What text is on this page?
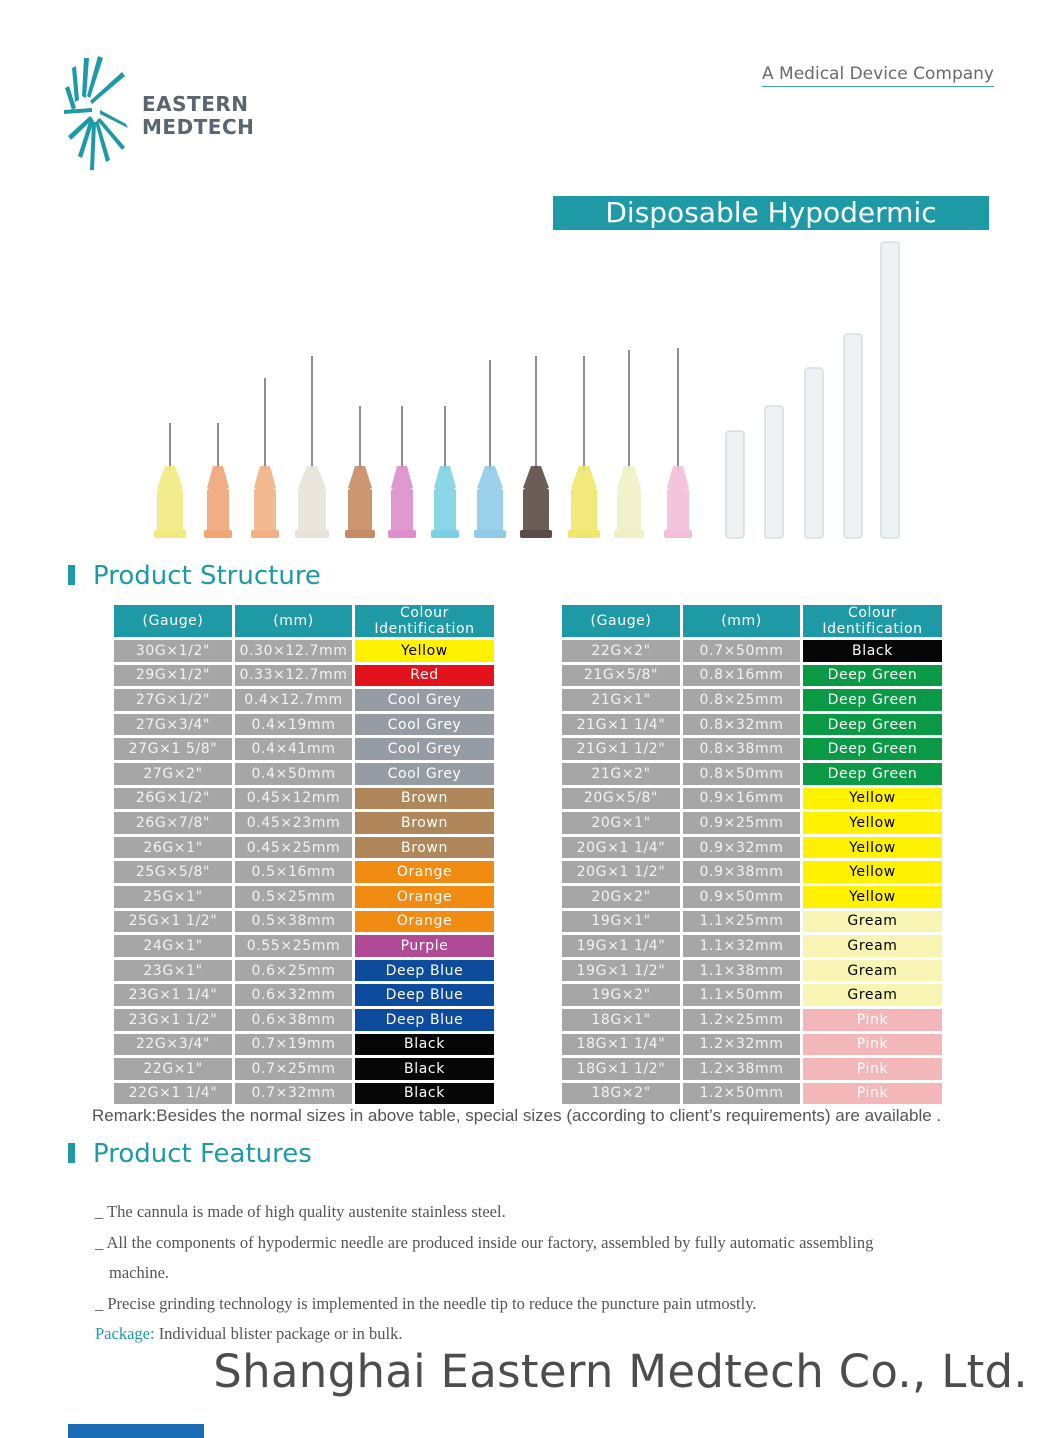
EASTERN
MEDTECH
A Medical Device Company
Disposable Hypodermic Needle
Product Structure
(Gauge)	(mm)	Colour Identification
30G×1/2"	0.30×12.7mm	Yellow
29G×1/2"	0.33×12.7mm	Red
27G×1/2"	0.4×12.7mm	Cool Grey
27G×3/4"	0.4×19mm	Cool Grey
27G×1 5/8"	0.4×41mm	Cool Grey
27G×2"	0.4×50mm	Cool Grey
26G×1/2"	0.45×12mm	Brown
26G×7/8"	0.45×23mm	Brown
26G×1"	0.45×25mm	Brown
25G×5/8"	0.5×16mm	Orange
25G×1"	0.5×25mm	Orange
25G×1 1/2"	0.5×38mm	Orange
24G×1"	0.55×25mm	Purple
23G×1"	0.6×25mm	Deep Blue
23G×1 1/4"	0.6×32mm	Deep Blue
23G×1 1/2"	0.6×38mm	Deep Blue
22G×3/4"	0.7×19mm	Black
22G×1"	0.7×25mm	Black
22G×1 1/4"	0.7×32mm	Black
(Gauge)	(mm)	Colour Identification
22G×2"	0.7×50mm	Black
21G×5/8"	0.8×16mm	Deep Green
21G×1"	0.8×25mm	Deep Green
21G×1 1/4"	0.8×32mm	Deep Green
21G×1 1/2"	0.8×38mm	Deep Green
21G×2"	0.8×50mm	Deep Green
20G×5/8"	0.9×16mm	Yellow
20G×1"	0.9×25mm	Yellow
20G×1 1/4"	0.9×32mm	Yellow
20G×1 1/2"	0.9×38mm	Yellow
20G×2"	0.9×50mm	Yellow
19G×1"	1.1×25mm	Gream
19G×1 1/4"	1.1×32mm	Gream
19G×1 1/2"	1.1×38mm	Gream
19G×2"	1.1×50mm	Gream
18G×1"	1.2×25mm	Pink
18G×1 1/4"	1.2×32mm	Pink
18G×1 1/2"	1.2×38mm	Pink
18G×2"	1.2×50mm	Pink
Remark:Besides the normal sizes in above table, special sizes (according to client’s requirements) are available .
Product Features

_ The cannula is made of high quality austenite stainless steel.

_ All the components of hypodermic needle are produced inside our factory, assembled by fully automatic assembling

machine.

_ Precise grinding technology is implemented in the needle tip to reduce the puncture pain utmostly.

Package: Individual blister package or in bulk.

Shanghai Eastern Medtech Co., Ltd.
